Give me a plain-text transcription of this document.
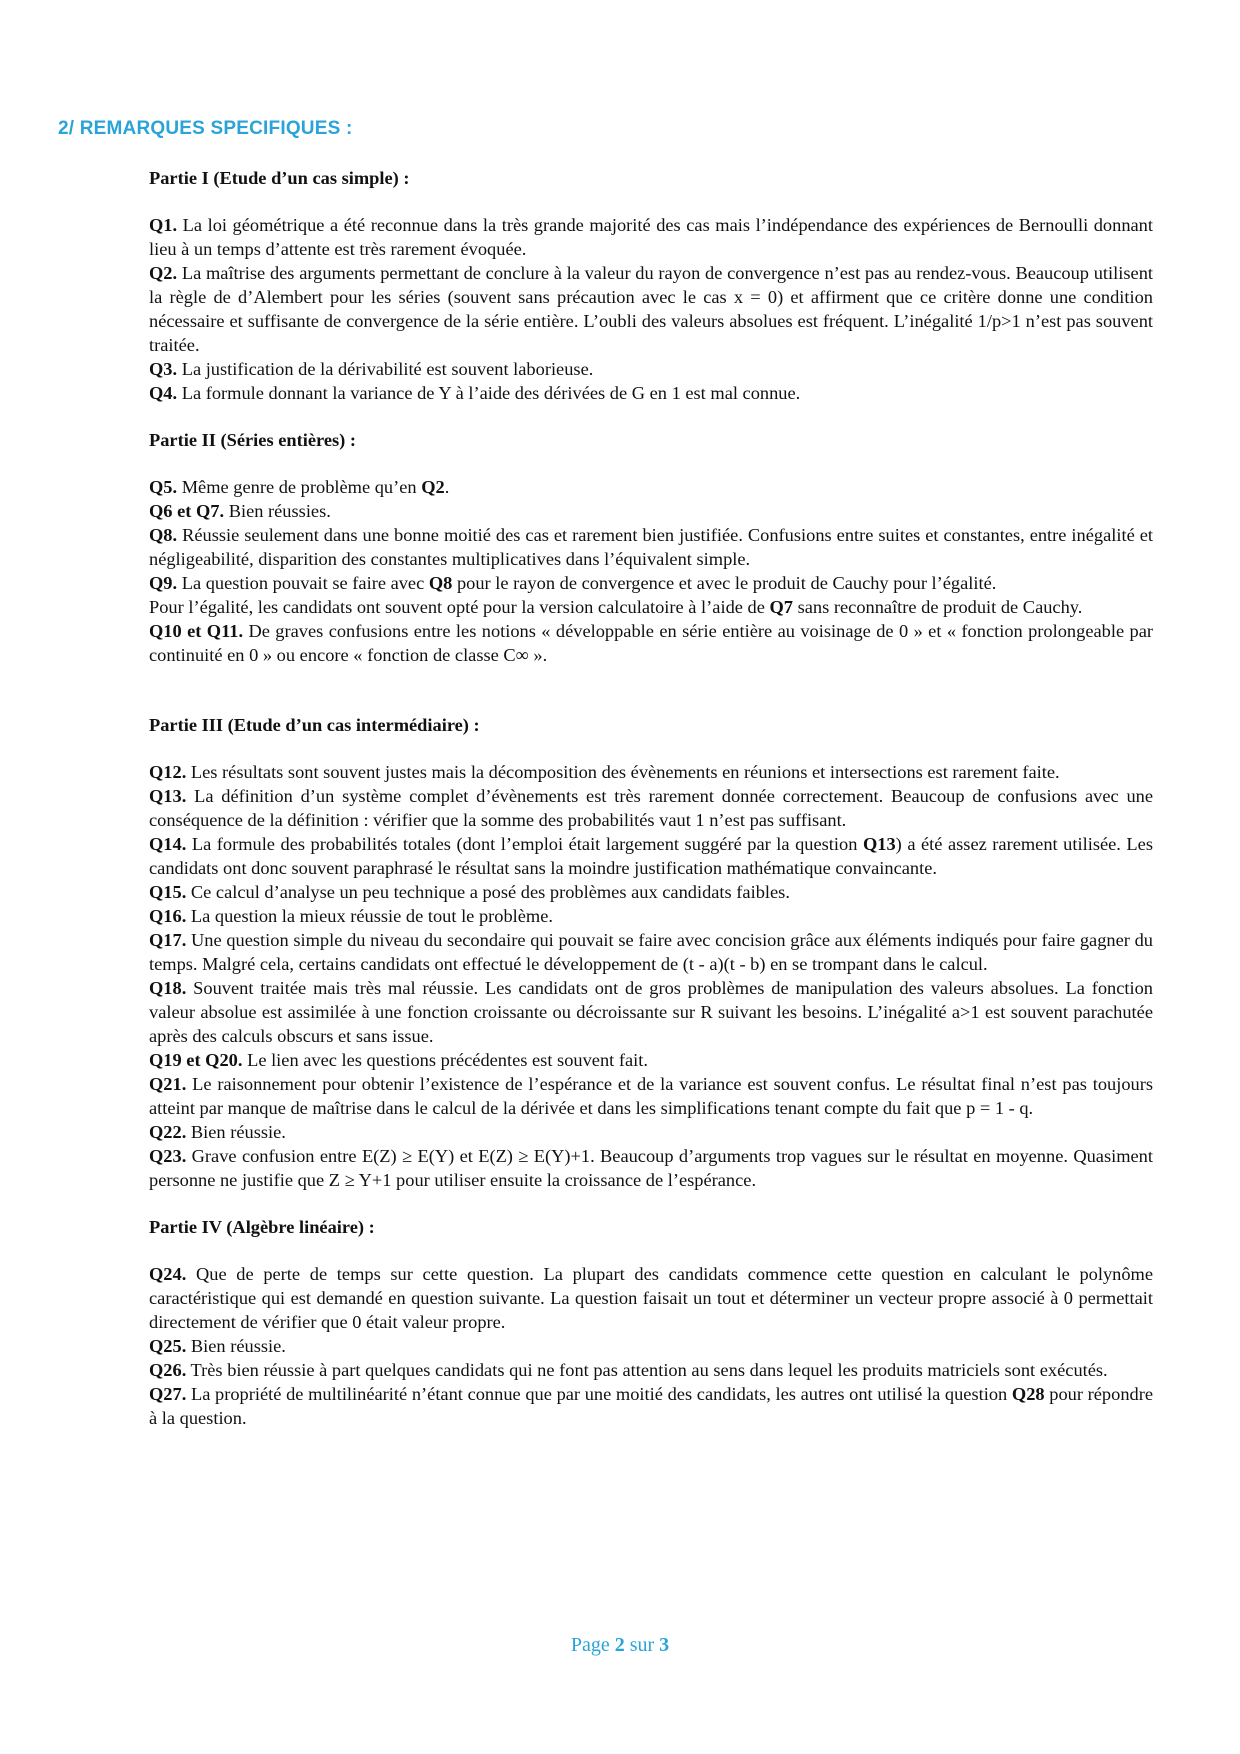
2/ REMARQUES SPECIFIQUES :

Partie I (Etude d’un cas simple) :

Q1. La loi géométrique a été reconnue dans la très grande majorité des cas mais l’indépendance des expériences de Bernoulli donnant lieu à un temps d’attente est très rarement évoquée.

Q2. La maîtrise des arguments permettant de conclure à la valeur du rayon de convergence n’est pas au rendez-vous. Beaucoup utilisent la règle de d’Alembert pour les séries (souvent sans précaution avec le cas x = 0) et affirment que ce critère donne une condition nécessaire et suffisante de convergence de la série entière. L’oubli des valeurs absolues est fréquent. L’inégalité 1/p>1 n’est pas souvent traitée.

Q3. La justification de la dérivabilité est souvent laborieuse.

Q4. La formule donnant la variance de Y à l’aide des dérivées de G en 1 est mal connue.

Partie II (Séries entières) :

Q5. Même genre de problème qu’en Q2.

Q6 et Q7. Bien réussies.

Q8. Réussie seulement dans une bonne moitié des cas et rarement bien justifiée. Confusions entre suites et constantes, entre inégalité et négligeabilité, disparition des constantes multiplicatives dans l’équivalent simple.

Q9. La question pouvait se faire avec Q8 pour le rayon de convergence et avec le produit de Cauchy pour l’égalité.

Pour l’égalité, les candidats ont souvent opté pour la version calculatoire à l’aide de Q7 sans reconnaître de produit de Cauchy.

Q10 et Q11. De graves confusions entre les notions « développable en série entière au voisinage de 0 » et « fonction prolongeable par continuité en 0 » ou encore « fonction de classe C∞ ».

Partie III (Etude d’un cas intermédiaire) :

Q12. Les résultats sont souvent justes mais la décomposition des évènements en réunions et intersections est rarement faite.

Q13. La définition d’un système complet d’évènements est très rarement donnée correctement. Beaucoup de confusions avec une conséquence de la définition : vérifier que la somme des probabilités vaut 1 n’est pas suffisant.

Q14. La formule des probabilités totales (dont l’emploi était largement suggéré par la question Q13) a été assez rarement utilisée. Les candidats ont donc souvent paraphrasé le résultat sans la moindre justification mathématique convaincante.

Q15. Ce calcul d’analyse un peu technique a posé des problèmes aux candidats faibles.

Q16. La question la mieux réussie de tout le problème.

Q17. Une question simple du niveau du secondaire qui pouvait se faire avec concision grâce aux éléments indiqués pour faire gagner du temps. Malgré cela, certains candidats ont effectué le développement de (t - a)(t - b) en se trompant dans le calcul.

Q18. Souvent traitée mais très mal réussie. Les candidats ont de gros problèmes de manipulation des valeurs absolues. La fonction valeur absolue est assimilée à une fonction croissante ou décroissante sur R suivant les besoins. L’inégalité a>1 est souvent parachutée après des calculs obscurs et sans issue.

Q19 et Q20. Le lien avec les questions précédentes est souvent fait.

Q21. Le raisonnement pour obtenir l’existence de l’espérance et de la variance est souvent confus. Le résultat final n’est pas toujours atteint par manque de maîtrise dans le calcul de la dérivée et dans les simplifications tenant compte du fait que p = 1 - q.

Q22. Bien réussie.

Q23. Grave confusion entre E(Z) ≥ E(Y) et E(Z) ≥ E(Y)+1. Beaucoup d’arguments trop vagues sur le résultat en moyenne. Quasiment personne ne justifie que Z ≥ Y+1 pour utiliser ensuite la croissance de l’espérance.

Partie IV (Algèbre linéaire) :

Q24. Que de perte de temps sur cette question. La plupart des candidats commence cette question en calculant le polynôme caractéristique qui est demandé en question suivante. La question faisait un tout et déterminer un vecteur propre associé à 0 permettait directement de vérifier que 0 était valeur propre.

Q25. Bien réussie.

Q26. Très bien réussie à part quelques candidats qui ne font pas attention au sens dans lequel les produits matriciels sont exécutés.

Q27. La propriété de multilinéarité n’étant connue que par une moitié des candidats, les autres ont utilisé la question Q28 pour répondre à la question.

Page 2 sur 3
